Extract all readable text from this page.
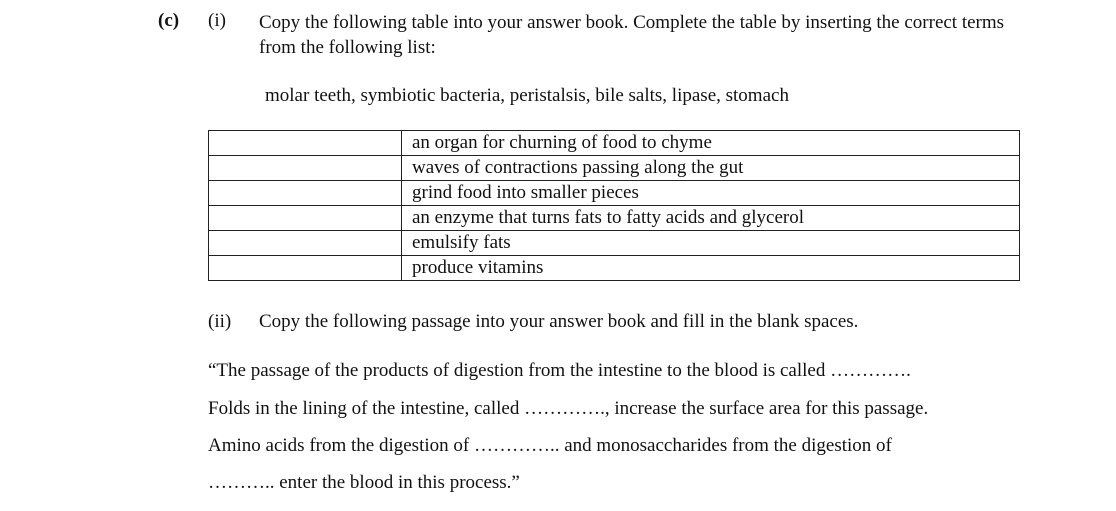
(c) (i) Copy the following table into your answer book. Complete the table by inserting the correct terms from the following list:
molar teeth, symbiotic bacteria, peristalsis, bile salts, lipase, stomach
	an organ for churning of food to chyme
	waves of contractions passing along the gut
	grind food into smaller pieces
	an enzyme that turns fats to fatty acids and glycerol
	emulsify fats
	produce vitamins
(ii) Copy the following passage into your answer book and fill in the blank spaces.
“The passage of the products of digestion from the intestine to the blood is called ………….
Folds in the lining of the intestine, called …………., increase the surface area for this passage.
Amino acids from the digestion of ………….. and monosaccharides from the digestion of
……….. enter the blood in this process.”
